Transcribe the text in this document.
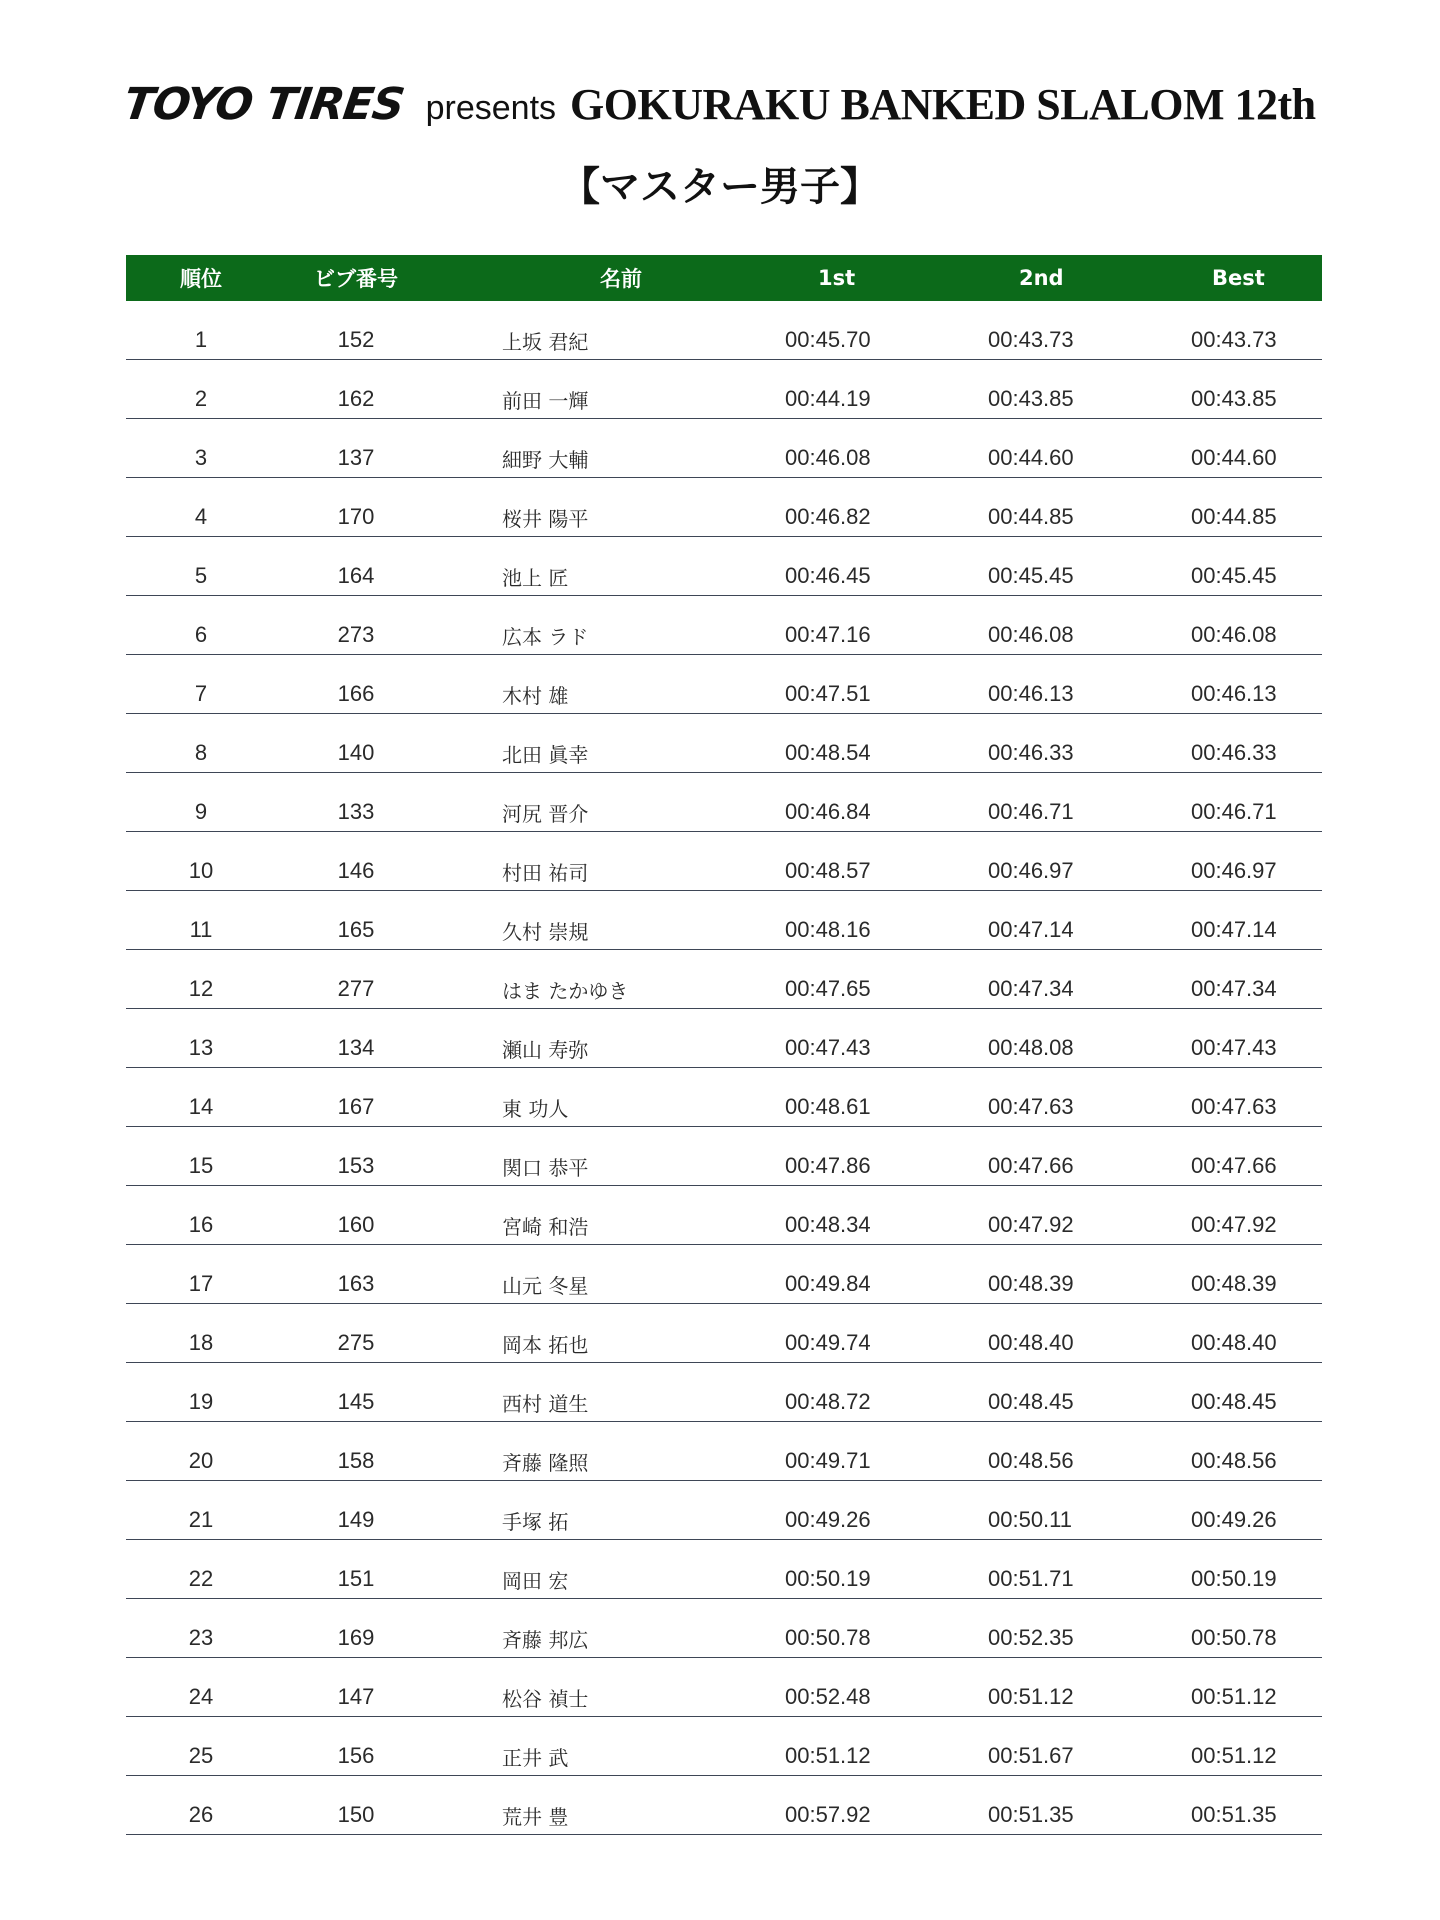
TOYO TIRES presents GOKURAKU BANKED SLALOM 12th
【マスター男子】
順位	ビブ番号	名前	1st	2nd	Best
1	152	上坂 君紀	00:45.70	00:43.73	00:43.73
2	162	前田 一輝	00:44.19	00:43.85	00:43.85
3	137	細野 大輔	00:46.08	00:44.60	00:44.60
4	170	桜井 陽平	00:46.82	00:44.85	00:44.85
5	164	池上 匠	00:46.45	00:45.45	00:45.45
6	273	広本 ラド	00:47.16	00:46.08	00:46.08
7	166	木村 雄	00:47.51	00:46.13	00:46.13
8	140	北田 眞幸	00:48.54	00:46.33	00:46.33
9	133	河尻 晋介	00:46.84	00:46.71	00:46.71
10	146	村田 祐司	00:48.57	00:46.97	00:46.97
11	165	久村 崇規	00:48.16	00:47.14	00:47.14
12	277	はま たかゆき	00:47.65	00:47.34	00:47.34
13	134	瀬山 寿弥	00:47.43	00:48.08	00:47.43
14	167	東 功人	00:48.61	00:47.63	00:47.63
15	153	関口 恭平	00:47.86	00:47.66	00:47.66
16	160	宮崎 和浩	00:48.34	00:47.92	00:47.92
17	163	山元 冬星	00:49.84	00:48.39	00:48.39
18	275	岡本 拓也	00:49.74	00:48.40	00:48.40
19	145	西村 道生	00:48.72	00:48.45	00:48.45
20	158	斉藤 隆照	00:49.71	00:48.56	00:48.56
21	149	手塚 拓	00:49.26	00:50.11	00:49.26
22	151	岡田 宏	00:50.19	00:51.71	00:50.19
23	169	斉藤 邦広	00:50.78	00:52.35	00:50.78
24	147	松谷 禎士	00:52.48	00:51.12	00:51.12
25	156	正井 武	00:51.12	00:51.67	00:51.12
26	150	荒井 豊	00:57.92	00:51.35	00:51.35
